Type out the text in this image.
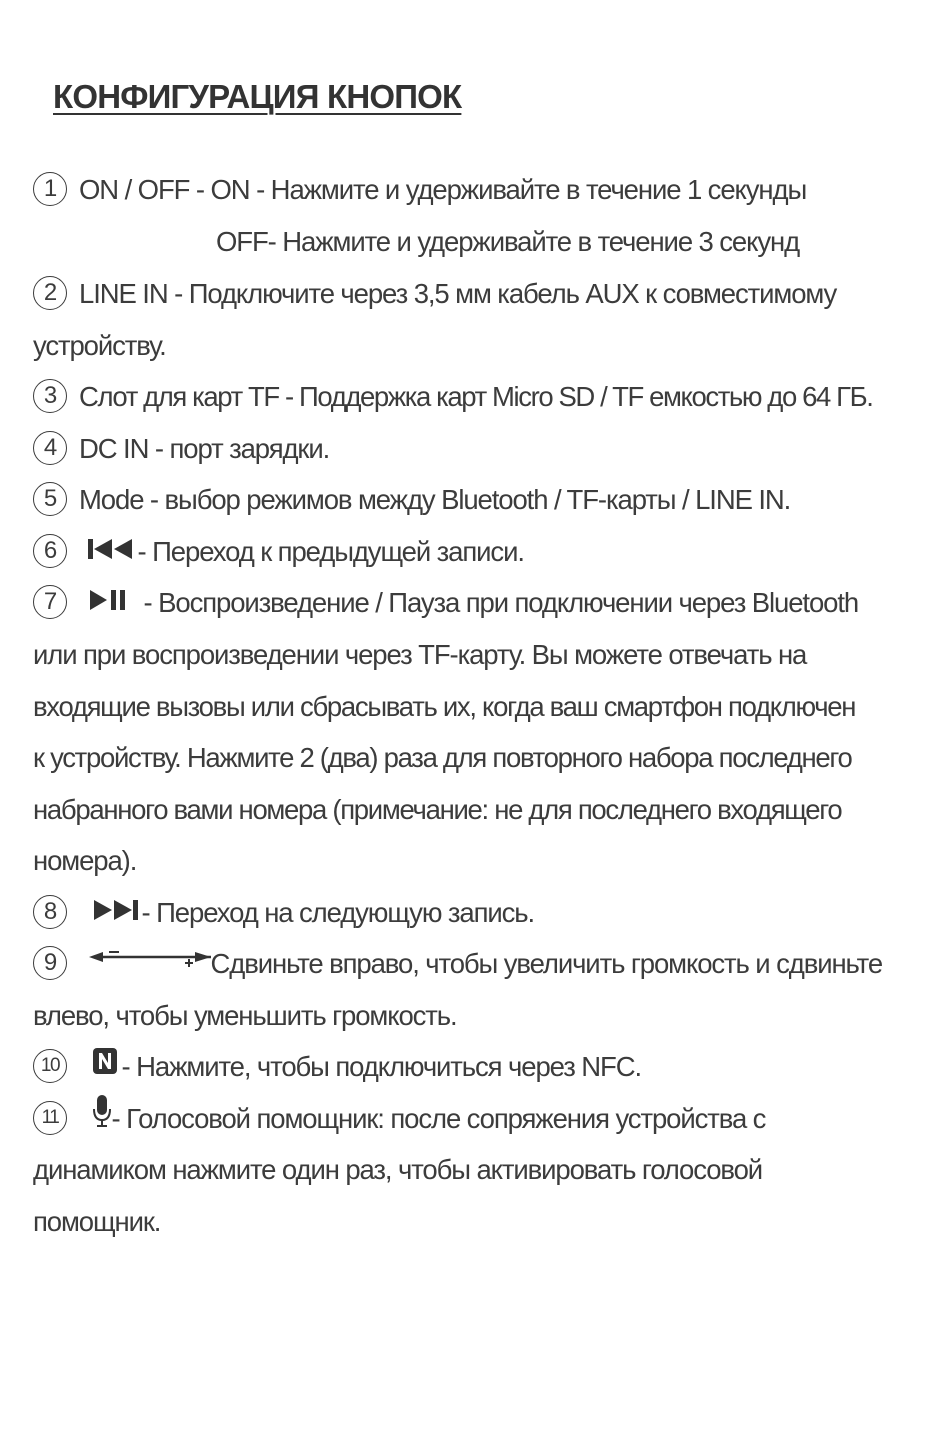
КОНФИГУРАЦИЯ КНОПОК
1 ON / OFF - ON - Нажмите и удерживайте в течение 1 секунды
OFF- Нажмите и удерживайте в течение 3 секунд
2 LINE IN - Подключите через 3,5 мм кабель AUX к совместимому
устройству.
3 Слот для карт TF - Поддержка карт Micro SD / TF емкостью до 64 ГБ.
4 DC IN - порт зарядки.
5 Mode - выбор режимов между Bluetooth / TF-карты / LINE IN.
6	- Переход к предыдущей записи.
7	- Воспроизведение / Пауза при подключении через Bluetooth
или при воспроизведении через TF-карту. Вы можете отвечать на
входящие вызовы или сбрасывать их, когда ваш смартфон подключен
к устройству. Нажмите 2 (два) раза для повторного набора последнего
набранного вами номера (примечание: не для последнего входящего
номера).
8	- Переход на следующую запись.
9	Сдвиньте вправо, чтобы увеличить громкость и сдвиньте
влево, чтобы уменьшить громкость.
10 - Нажмите, чтобы подключиться через NFC.
11 - Голосовой помощник: после сопряжения устройства с
динамиком нажмите один раз, чтобы активировать голосовой
помощник.
